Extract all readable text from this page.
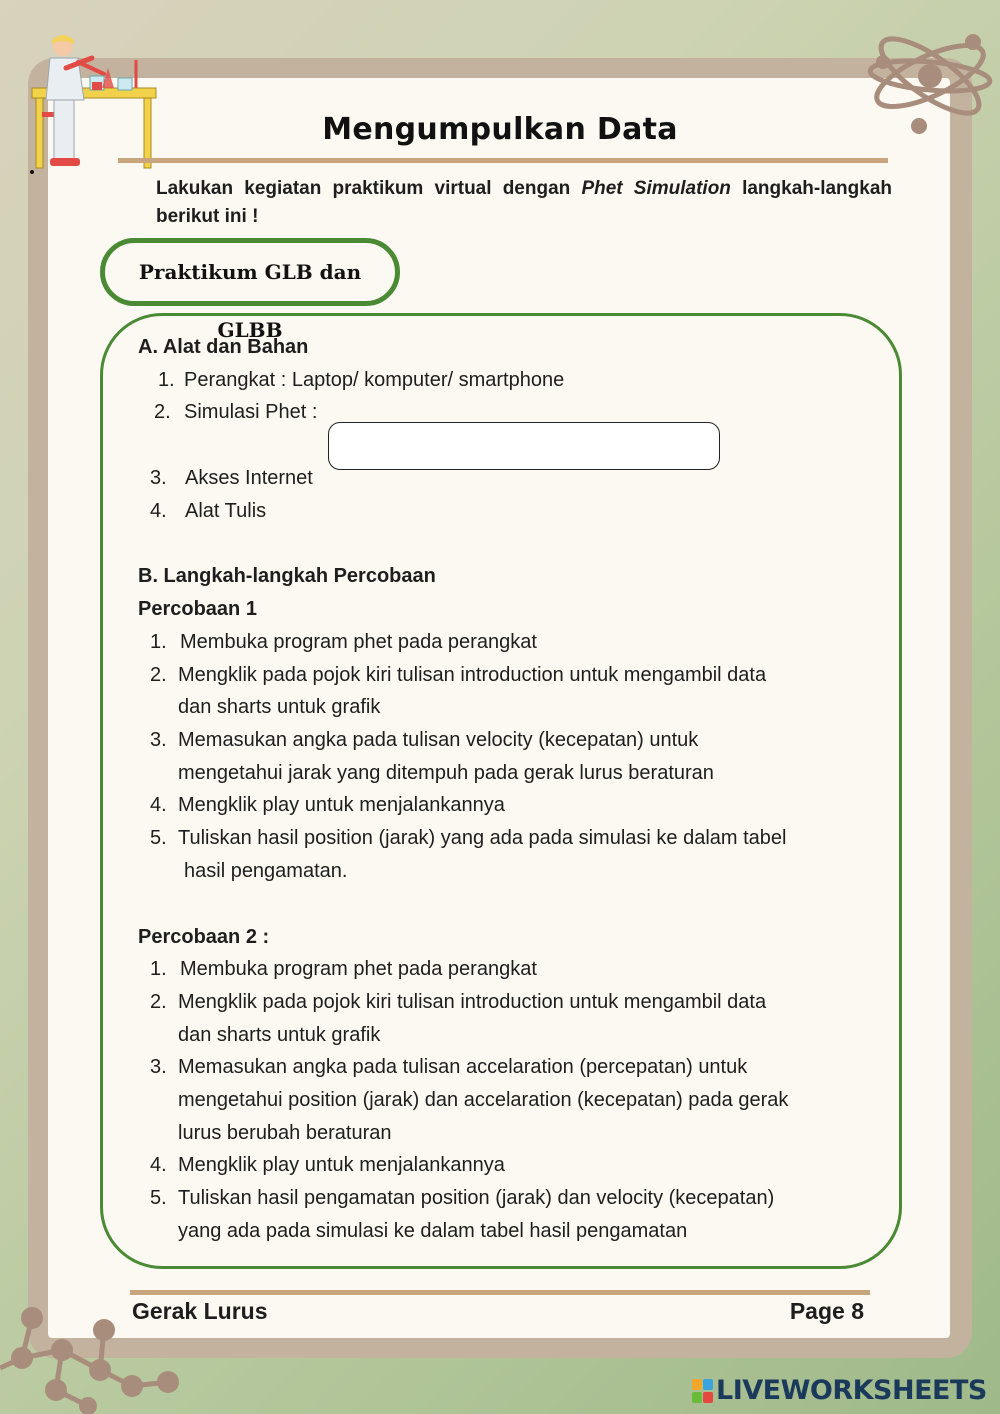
Mengumpulkan Data
Lakukan kegiatan praktikum virtual dengan Phet Simulation langkah-langkah berikut ini !
Praktikum GLB dan GLBB
A. Alat dan Bahan
1. Perangkat : Laptop/ komputer/ smartphone
2. Simulasi Phet :
3. Akses Internet
4. Alat Tulis
B. Langkah-langkah Percobaan
Percobaan 1
1. Membuka program phet pada perangkat
2. Mengklik pada pojok kiri tulisan introduction untuk mengambil data
dan sharts untuk grafik
3. Memasukan angka pada tulisan velocity (kecepatan) untuk
mengetahui jarak yang ditempuh pada gerak lurus beraturan
4. Mengklik play untuk menjalankannya
5. Tuliskan hasil position (jarak) yang ada pada simulasi ke dalam tabel
hasil pengamatan.
Percobaan 2 :
1. Membuka program phet pada perangkat
2. Mengklik pada pojok kiri tulisan introduction untuk mengambil data
dan sharts untuk grafik
3. Memasukan angka pada tulisan accelaration (percepatan) untuk
mengetahui position (jarak) dan accelaration (kecepatan) pada gerak
lurus berubah beraturan
4. Mengklik play untuk menjalankannya
5. Tuliskan hasil pengamatan position (jarak) dan velocity (kecepatan)
yang ada pada simulasi ke dalam tabel hasil pengamatan
Gerak Lurus	Page 8
LIVEWORKSHEETS
